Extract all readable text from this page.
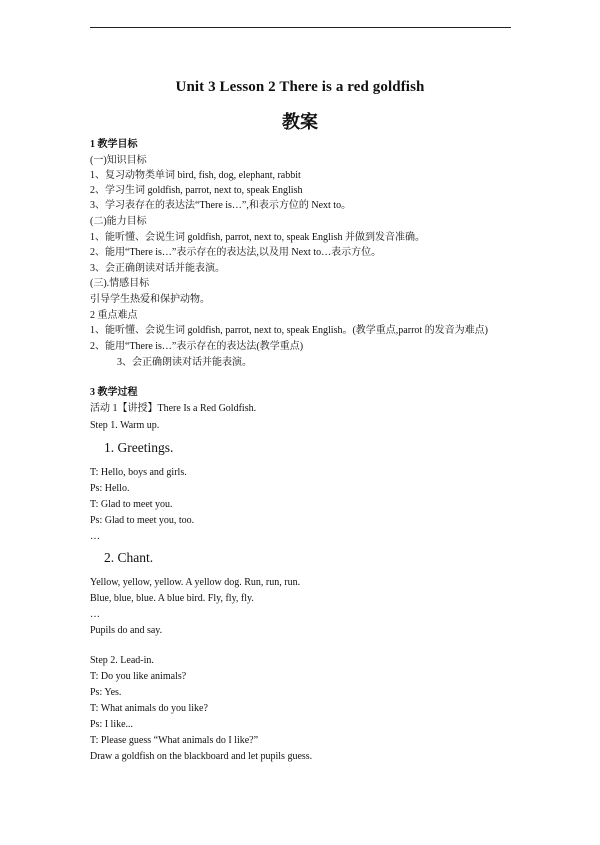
Unit 3 Lesson 2 There is a red goldfish
教案
1 教学目标
(一)知识目标
1、复习动物类单词 bird, fish, dog, elephant, rabbit
2、学习生词 goldfish, parrot, next to, speak English
3、学习表存在的表达法“There is…”,和表示方位的 Next to。
(二)能力目标
1、能听懂、会说生词 goldfish, parrot, next to, speak English 并做到发音准确。
2、能用“There is…”表示存在的表达法,以及用 Next to…表示方位。
3、会正确朗读对话并能表演。
(三).情感目标
引导学生热爱和保护动物。
2 重点难点
1、能听懂、会说生词 goldfish, parrot, next to, speak English。(教学重点,parrot 的发音为难点)
2、能用“There is…”表示存在的表达法(教学重点)
3、会正确朗读对话并能表演。
3 教学过程
活动 1【讲授】There Is a Red Goldfish.
Step 1. Warm up.
1. Greetings.
T: Hello, boys and girls.
Ps: Hello.
T: Glad to meet you.
Ps: Glad to meet you, too.
…
2. Chant.
Yellow, yellow, yellow. A yellow dog. Run, run, run.
Blue, blue, blue. A blue bird. Fly, fly, fly.
…
Pupils do and say.
Step 2. Lead-in.
T: Do you like animals?
Ps: Yes.
T: What animals do you like?
Ps: I like...
T: Please guess “What animals do I like?”
Draw a goldfish on the blackboard and let pupils guess.
